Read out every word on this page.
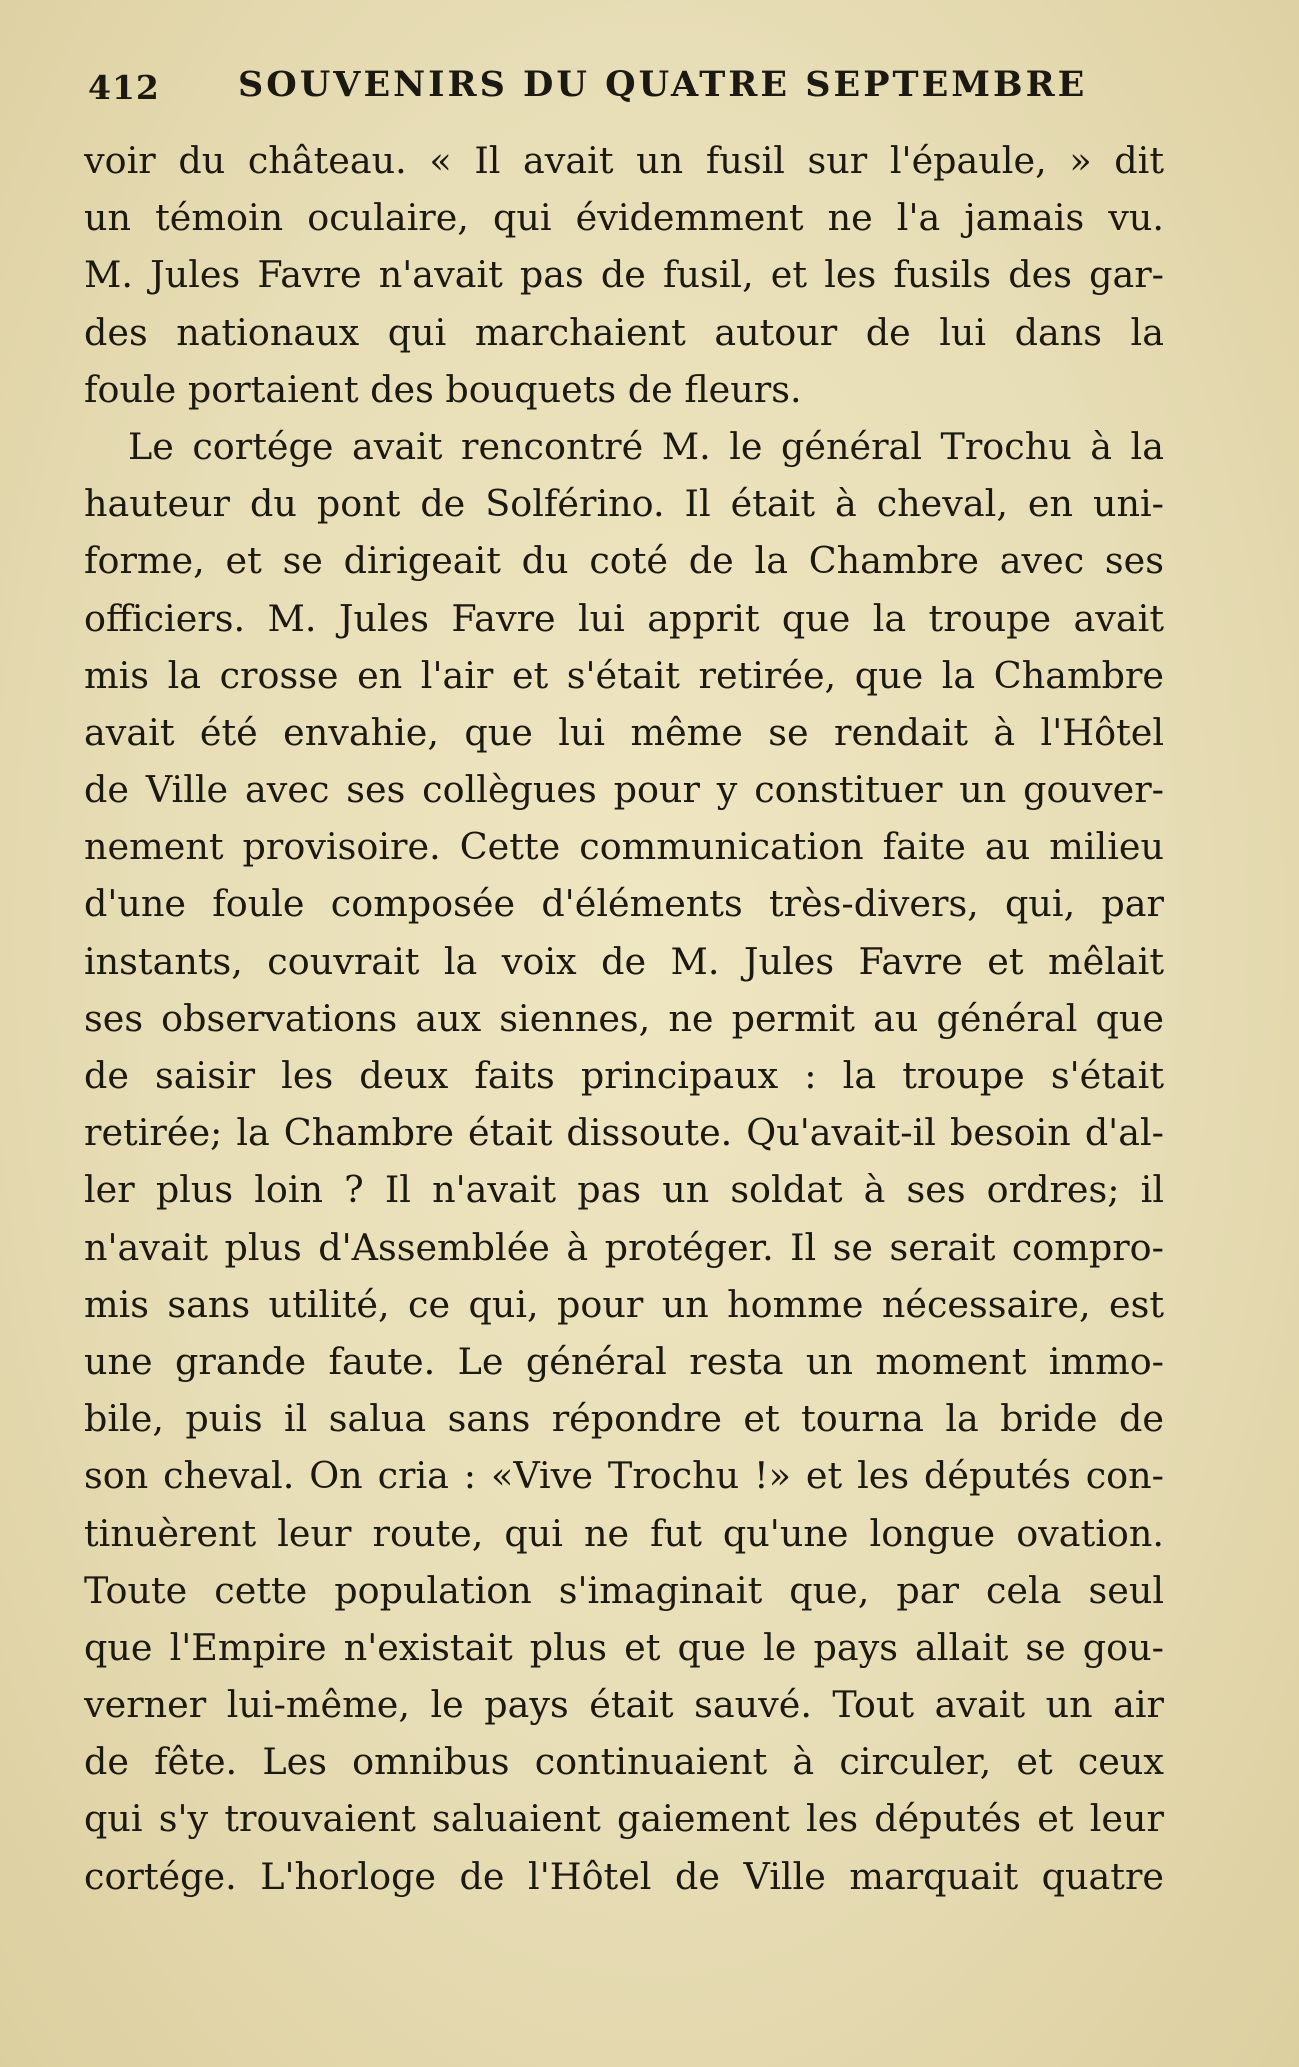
412 SOUVENIRS DU QUATRE SEPTEMBRE
voir du château. « Il avait un fusil sur l'épaule, » dit
un témoin oculaire, qui évidemment ne l'a jamais vu.
M. Jules Favre n'avait pas de fusil, et les fusils des gar-
des nationaux qui marchaient autour de lui dans la
foule portaient des bouquets de fleurs.
Le cortége avait rencontré M. le général Trochu à la
hauteur du pont de Solférino. Il était à cheval, en uni-
forme, et se dirigeait du coté de la Chambre avec ses
officiers. M. Jules Favre lui apprit que la troupe avait
mis la crosse en l'air et s'était retirée, que la Chambre
avait été envahie, que lui même se rendait à l'Hôtel
de Ville avec ses collègues pour y constituer un gouver-
nement provisoire. Cette communication faite au milieu
d'une foule composée d'éléments très-divers, qui, par
instants, couvrait la voix de M. Jules Favre et mêlait
ses observations aux siennes, ne permit au général que
de saisir les deux faits principaux : la troupe s'était
retirée; la Chambre était dissoute. Qu'avait-il besoin d'al-
ler plus loin ? Il n'avait pas un soldat à ses ordres; il
n'avait plus d'Assemblée à protéger. Il se serait compro-
mis sans utilité, ce qui, pour un homme nécessaire, est
une grande faute. Le général resta un moment immo-
bile, puis il salua sans répondre et tourna la bride de
son cheval. On cria : «Vive Trochu !» et les députés con-
tinuèrent leur route, qui ne fut qu'une longue ovation.
Toute cette population s'imaginait que, par cela seul
que l'Empire n'existait plus et que le pays allait se gou-
verner lui-même, le pays était sauvé. Tout avait un air
de fête. Les omnibus continuaient à circuler, et ceux
qui s'y trouvaient saluaient gaiement les députés et leur
cortége. L'horloge de l'Hôtel de Ville marquait quatre
